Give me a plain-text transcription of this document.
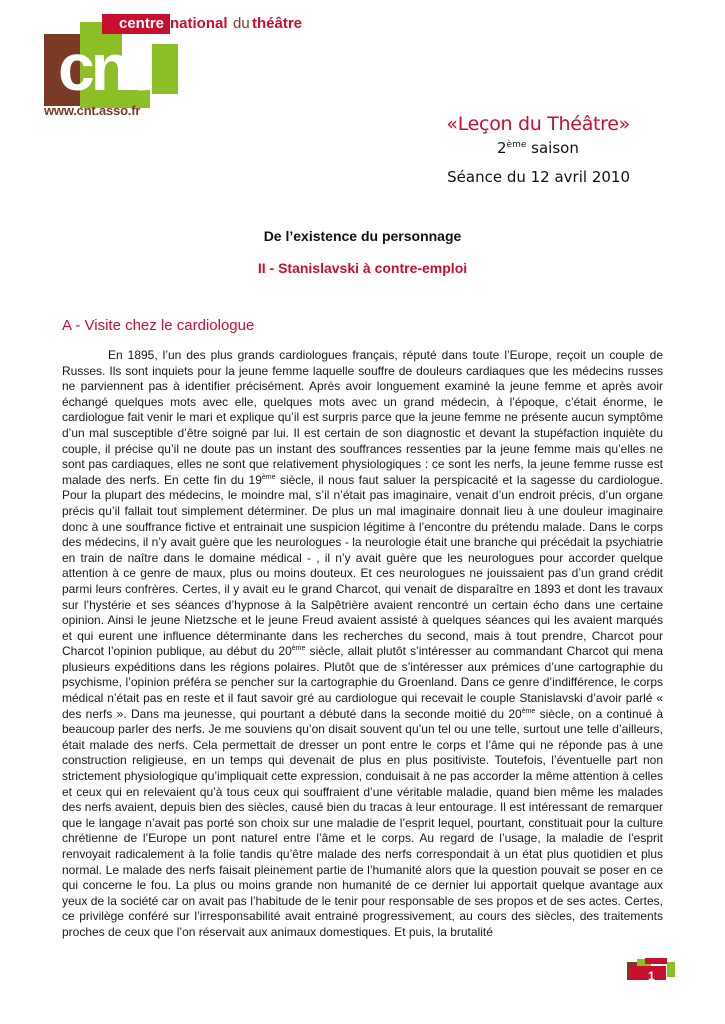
centre national du théâtre
cnt
www.cnt.asso.fr
«Leçon du Théâtre»
2ème saison
Séance du 12 avril 2010
De l’existence du personnage
II - Stanislavski à contre-emploi
A - Visite chez le cardiologue

En 1895, l’un des plus grands cardiologues français, réputé dans toute l’Europe, reçoit un couple de Russes. Ils sont inquiets pour la jeune femme laquelle souffre de douleurs cardiaques que les médecins russes ne parviennent pas à identifier précisément. Après avoir longuement examiné la jeune femme et après avoir échangé quelques mots avec elle, quelques mots avec un grand médecin, à l’époque, c’était énorme, le cardiologue fait venir le mari et explique qu’il est surpris parce que la jeune femme ne présente aucun symptôme d’un mal susceptible d’être soigné par lui. Il est certain de son diagnostic et devant la stupéfaction inquiète du couple, il précise qu’il ne doute pas un instant des souffrances ressenties par la jeune femme mais qu’elles ne sont pas cardiaques, elles ne sont que relativement physiologiques : ce sont les nerfs, la jeune femme russe est malade des nerfs. En cette fin du 19ème siècle, il nous faut saluer la perspicacité et la sagesse du cardiologue. Pour la plupart des médecins, le moindre mal, s’il n’était pas imaginaire, venait d’un endroit précis, d’un organe précis qu’il fallait tout simplement déterminer. De plus un mal imaginaire donnait lieu à une douleur imaginaire donc à une souffrance fictive et entrainait une suspicion légitime à l’encontre du prétendu malade. Dans le corps des médecins, il n’y avait guère que les neurologues - la neurologie était une branche qui précédait la psychiatrie en train de naître dans le domaine médical - , il n’y avait guère que les neurologues pour accorder quelque attention à ce genre de maux, plus ou moins douteux. Et ces neurologues ne jouissaient pas d’un grand crédit parmi leurs confrères. Certes, il y avait eu le grand Charcot, qui venait de disparaître en 1893 et dont les travaux sur l’hystérie et ses séances d’hypnose à la Salpêtrière avaient rencontré un certain écho dans une certaine opinion. Ainsi le jeune Nietzsche et le jeune Freud avaient assisté à quelques séances qui les avaient marqués et qui eurent une influence déterminante dans les recherches du second, mais à tout prendre, Charcot pour Charcot l’opinion publique, au début du 20ème siècle, allait plutôt s’intéresser au commandant Charcot qui mena plusieurs expéditions dans les régions polaires. Plutôt que de s’intéresser aux prémices d’une cartographie du psychisme, l’opinion préféra se pencher sur la cartographie du Groenland. Dans ce genre d’indifférence, le corps médical n’était pas en reste et il faut savoir gré au cardiologue qui recevait le couple Stanislavski d’avoir parlé « des nerfs ». Dans ma jeunesse, qui pourtant a débuté dans la seconde moitié du 20ème siècle, on a continué à beaucoup parler des nerfs. Je me souviens qu’on disait souvent qu’un tel ou une telle, surtout une telle d’ailleurs, était malade des nerfs. Cela permettait de dresser un pont entre le corps et l’âme qui ne réponde pas à une construction religieuse, en un temps qui devenait de plus en plus positiviste. Toutefois, l’éventuelle part non strictement physiologique qu’impliquait cette expression, conduisait à ne pas accorder la même attention à celles et ceux qui en relevaient qu’à tous ceux qui souffraient d’une véritable maladie, quand bien même les malades des nerfs avaient, depuis bien des siècles, causé bien du tracas à leur entourage. Il est intéressant de remarquer que le langage n’avait pas porté son choix sur une maladie de l’esprit lequel, pourtant, constituait pour la culture chrétienne de l’Europe un pont naturel entre l’âme et le corps. Au regard de l’usage, la maladie de l’esprit renvoyait radicalement à la folie tandis qu’être malade des nerfs correspondait à un état plus quotidien et plus normal. Le malade des nerfs faisait pleinement partie de l’humanité alors que la question pouvait se poser en ce qui concerne le fou. La plus ou moins grande non humanité de ce dernier lui apportait quelque avantage aux yeux de la société car on avait pas l’habitude de le tenir pour responsable de ses propos et de ses actes. Certes, ce privilège conféré sur l’irresponsabilité avait entrainé progressivement, au cours des siècles, des traitements proches de ceux que l’on réservait aux animaux domestiques. Et puis, la brutalité

1
